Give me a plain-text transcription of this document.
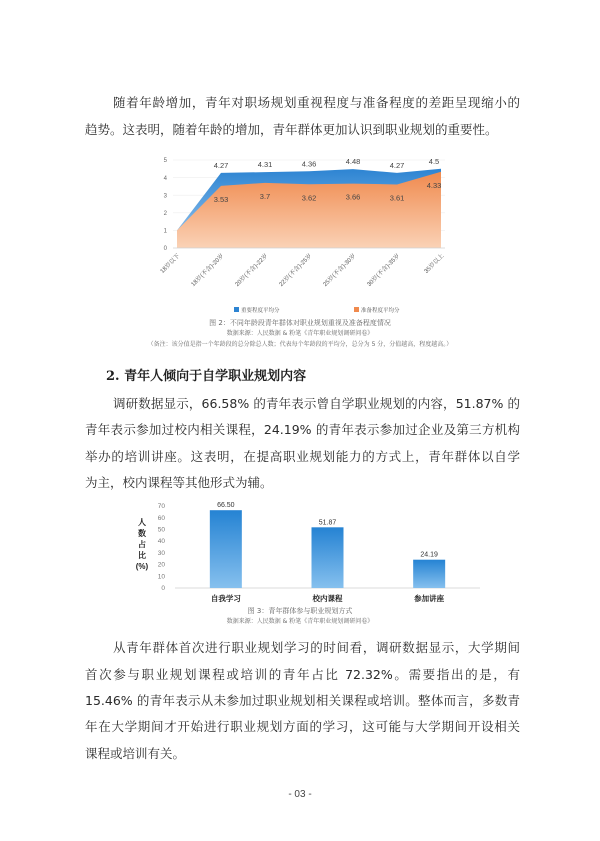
随着年龄增加，青年对职场规划重视程度与准备程度的差距呈现缩小的
趋势。这表明，随着年龄的增加，青年群体更加认识到职业规划的重要性。
0
1
2
3
4
5	4.27	4.31	4.36	4.48	4.27	4.5
3.53	3.7	3.62	3.66	3.61
4.33
18岁以下 18岁(不含)-20岁 20岁(不含)-22岁 22岁(不含)-25岁 25岁(不含)-30岁 30岁(不含)-35岁	35岁以上
重要程度平均分	准备程度平均分
图 2：不同年龄段青年群体对职业规划重视及准备程度情况
数据来源：人民数据 & 粉笔《青年职业规划调研问卷》
（备注：该分值是指一个年龄段的总分除总人数；代表每个年龄段的平均分，总分为 5 分，分值越高，程度越高。）
2. 青年人倾向于自学职业规划内容
调研数据显示，66.58% 的青年表示曾自学职业规划的内容，51.87% 的
青年表示参加过校内相关课程，24.19% 的青年表示参加过企业及第三方机构
举办的培训讲座。这表明，在提高职业规划能力的方式上，青年群体以自学
为主，校内课程等其他形式为辅。
0
10
20
30
40
50
60
70	66.50
51.87
24.19
自我学习	校内课程	参加讲座
人数占比(%)
图 3：青年群体参与职业规划方式
数据来源：人民数据 & 粉笔《青年职业规划调研问卷》
从青年群体首次进行职业规划学习的时间看，调研数据显示，大学期间
首次参与职业规划课程或培训的青年占比 72.32%。需要指出的是，有
15.46% 的青年表示从未参加过职业规划相关课程或培训。整体而言，多数青
年在大学期间才开始进行职业规划方面的学习，这可能与大学期间开设相关
课程或培训有关。
- 03 -
